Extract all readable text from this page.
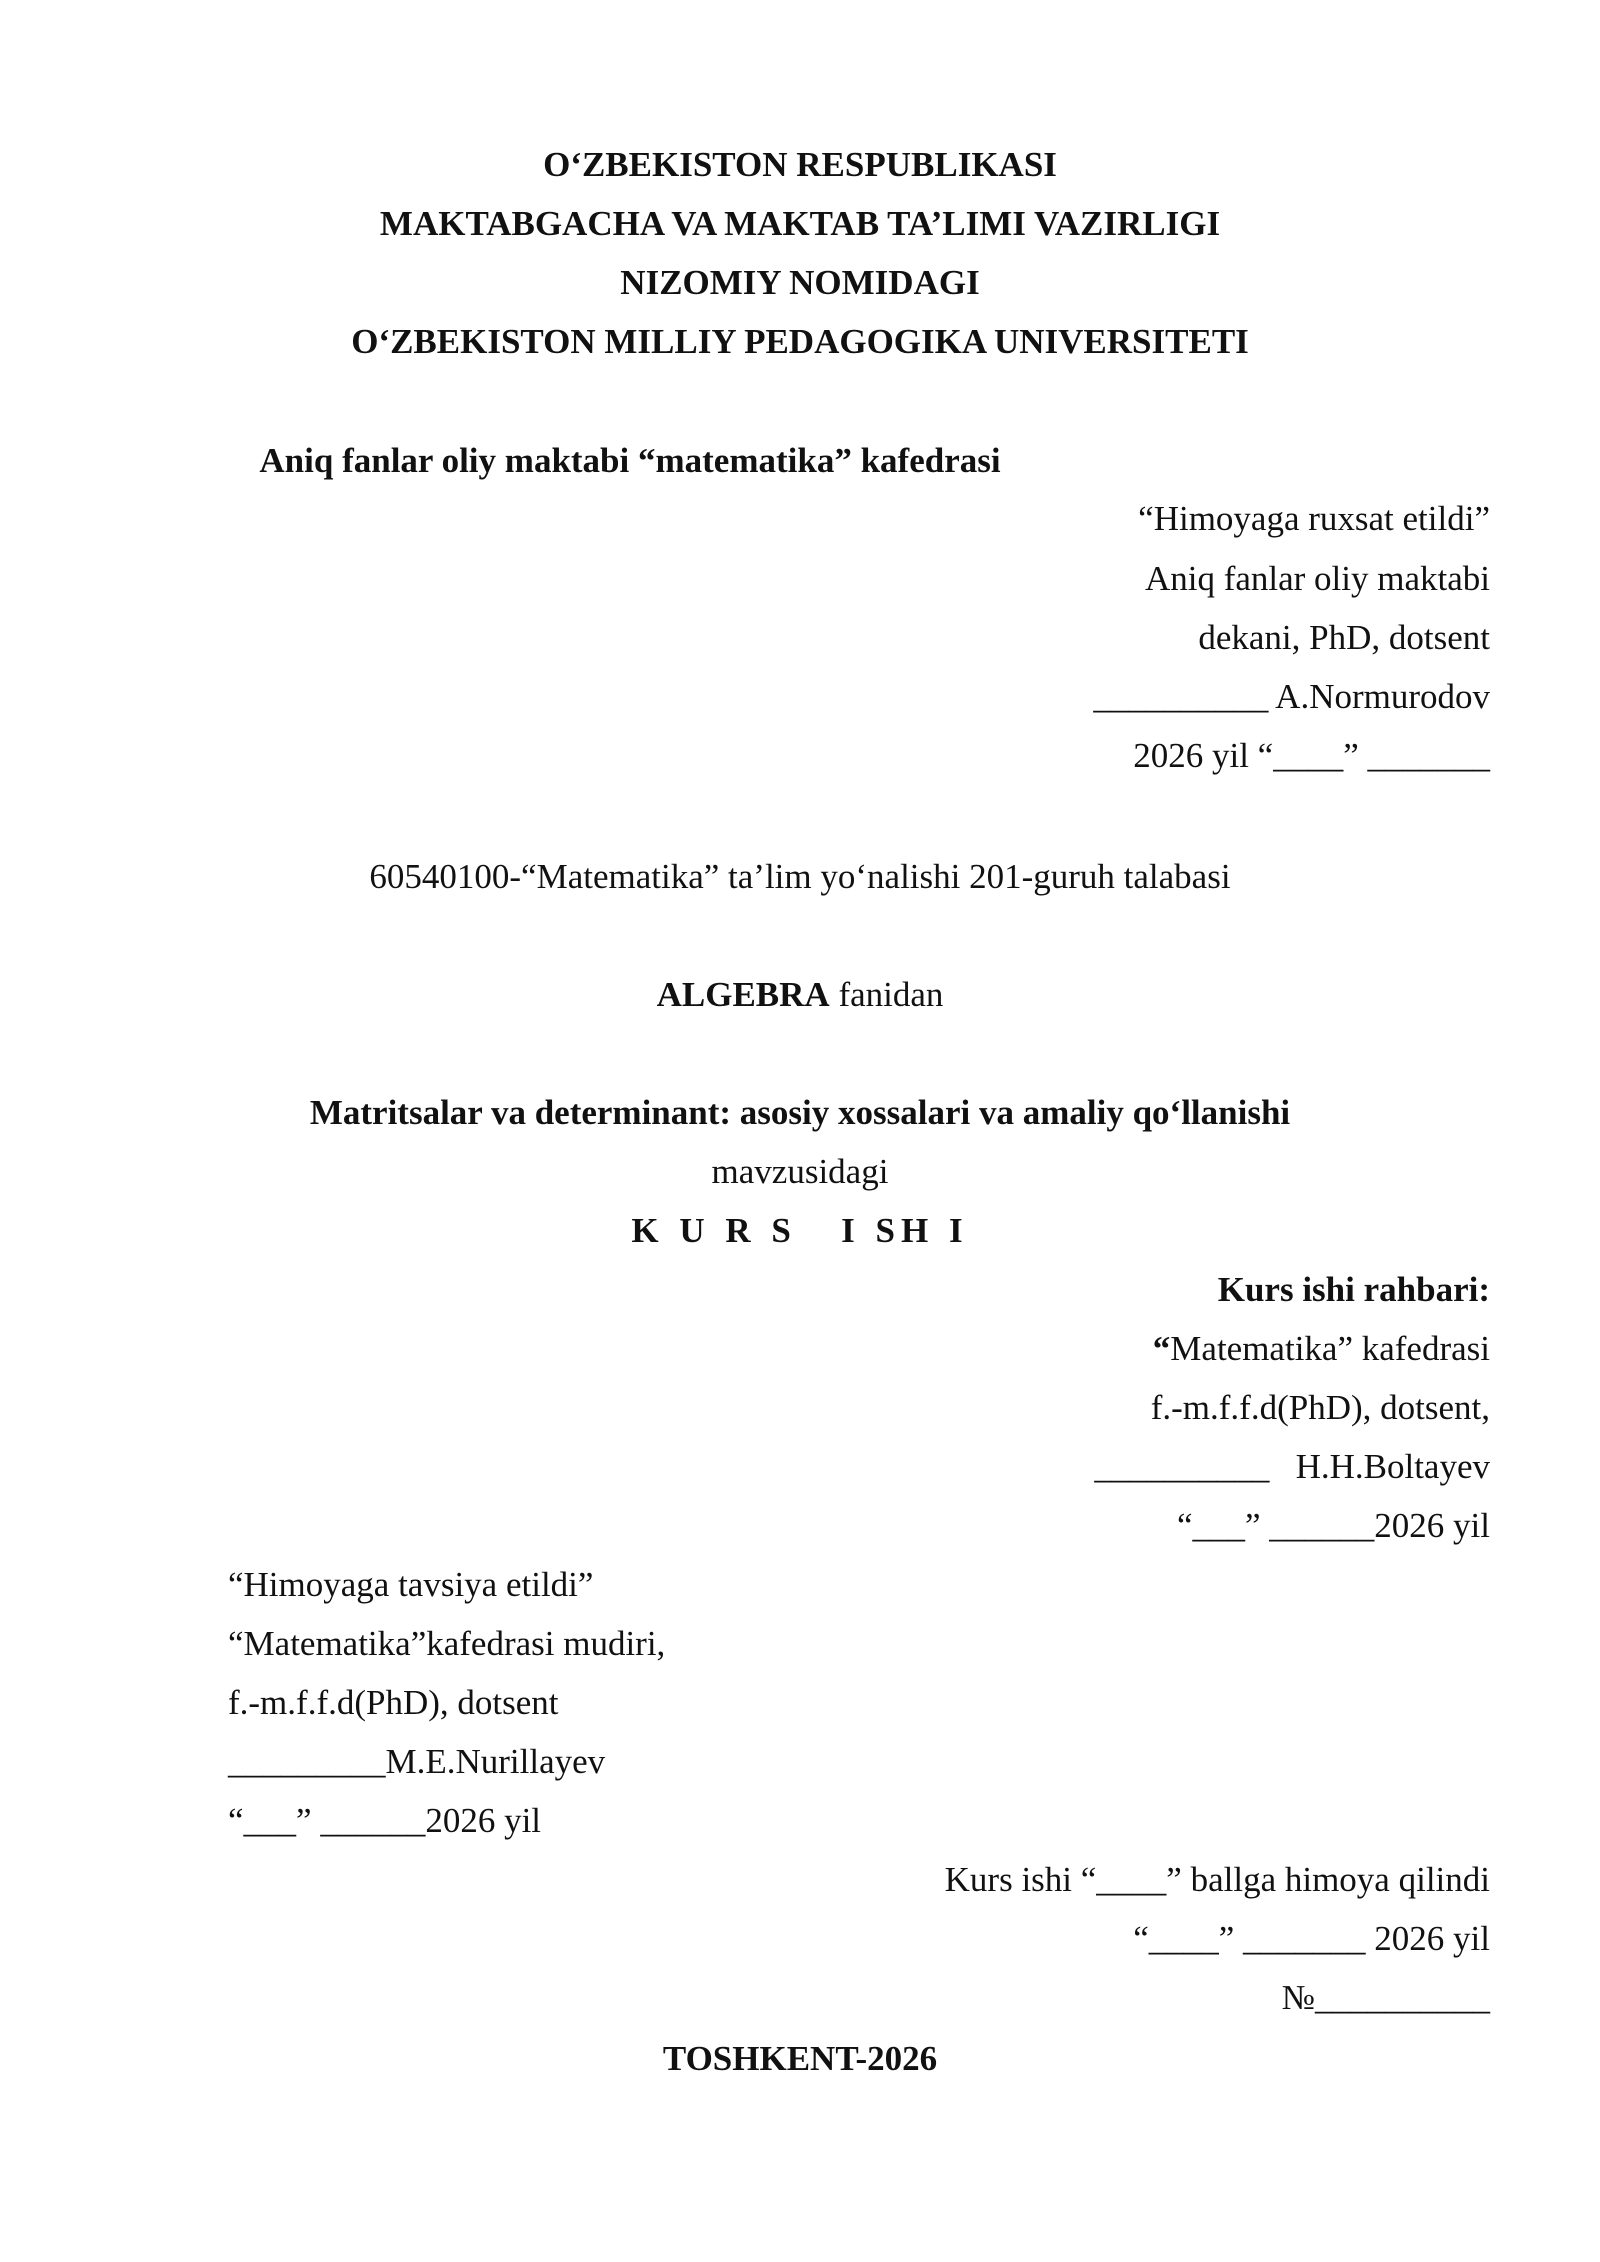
O‘ZBEKISTON RESPUBLIKASI
MAKTABGACHA VA MAKTAB TA’LIMI VAZIRLIGI
NIZOMIY NOMIDAGI
O‘ZBEKISTON MILLIY PEDAGOGIKA UNIVERSITETI
Aniq fanlar oliy maktabi “matematika” kafedrasi
“Himoyaga ruxsat etildi”
Aniq fanlar oliy maktabi
dekani, PhD, dotsent
__________ A.Normurodov
2026 yil “____” _______
60540100-“Matematika” ta’lim yo‘nalishi 201-guruh talabasi
ALGEBRA fanidan
Matritsalar va determinant: asosiy xossalari va amaliy qo‘llanishi
mavzusidagi
K U R S   I SH I
Kurs ishi rahbari:
“Matematika” kafedrasi
f.-m.f.f.d(PhD), dotsent,
__________   H.H.Boltayev
“___” ______2026 yil
“Himoyaga tavsiya etildi”
“Matematika”kafedrasi mudiri,
f.-m.f.f.d(PhD), dotsent
_________M.E.Nurillayev
“___” ______2026 yil
Kurs ishi “____” ballga himoya qilindi
“____” _______ 2026 yil
№__________
TOSHKENT-2026
